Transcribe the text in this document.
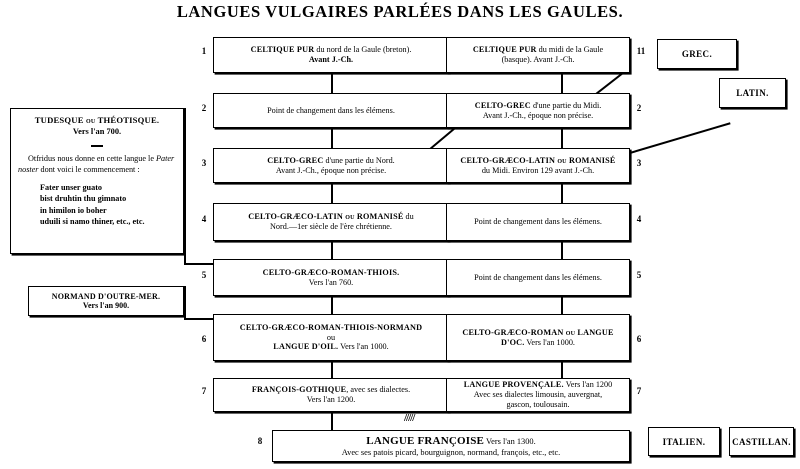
LANGUES VULGAIRES PARLÉES DANS LES GAULES.
1
2
3
4
5
6
7
1
2
3
4
5
6
7
CELTIQUE PUR du nord de la Gaule (breton).
Avant J.-Ch.
Point de changement dans les élémens.
CELTO-GREC d'une partie du Nord.
Avant J.-Ch., époque non précise.
CELTO-GRÆCO-LATIN ou ROMANISÉ du
Nord.—1er siècle de l'ère chrétienne.
CELTO-GRÆCO-ROMAN-THIOIS.
Vers l'an 760.
CELTO-GRÆCO-ROMAN-THIOIS-NORMAND
ou
LANGUE D'OIL. Vers l'an 1000.
FRANÇOIS-GOTHIQUE, avec ses dialectes.
Vers l'an 1200.
CELTIQUE PUR du midi de la Gaule
(basque). Avant J.-Ch.
CELTO-GREC d'une partie du Midi.
Avant J.-Ch., époque non précise.
CELTO-GRÆCO-LATIN ou ROMANISÉ
du Midi. Environ 129 avant J.-Ch.
Point de changement dans les élémens.
Point de changement dans les élémens.
CELTO-GRÆCO-ROMAN ou LANGUE
D'OC. Vers l'an 1000.
LANGUE PROVENÇALE. Vers l'an 1200
Avec ses dialectes limousin, auvergnat,
gascon, toulousain.
8	LANGUE FRANÇOISE Vers l'an 1300.
Avec ses patois picard, bourguignon, normand, françois, etc., etc.
/////
1	GREC.
LATIN.
ITALIEN.	CASTILLAN.
NORMAND D'OUTRE-MER.
Vers l'an 900.
TUDESQUE ou THÉOTISQUE.
Vers l'an 700.
Otfridus nous donne en cette langue le Pater noster dont voici le commencement :
Fater unser guato
bist druhtin thu gimnato
in himilon io boher
uduili si namo thiner, etc., etc.
